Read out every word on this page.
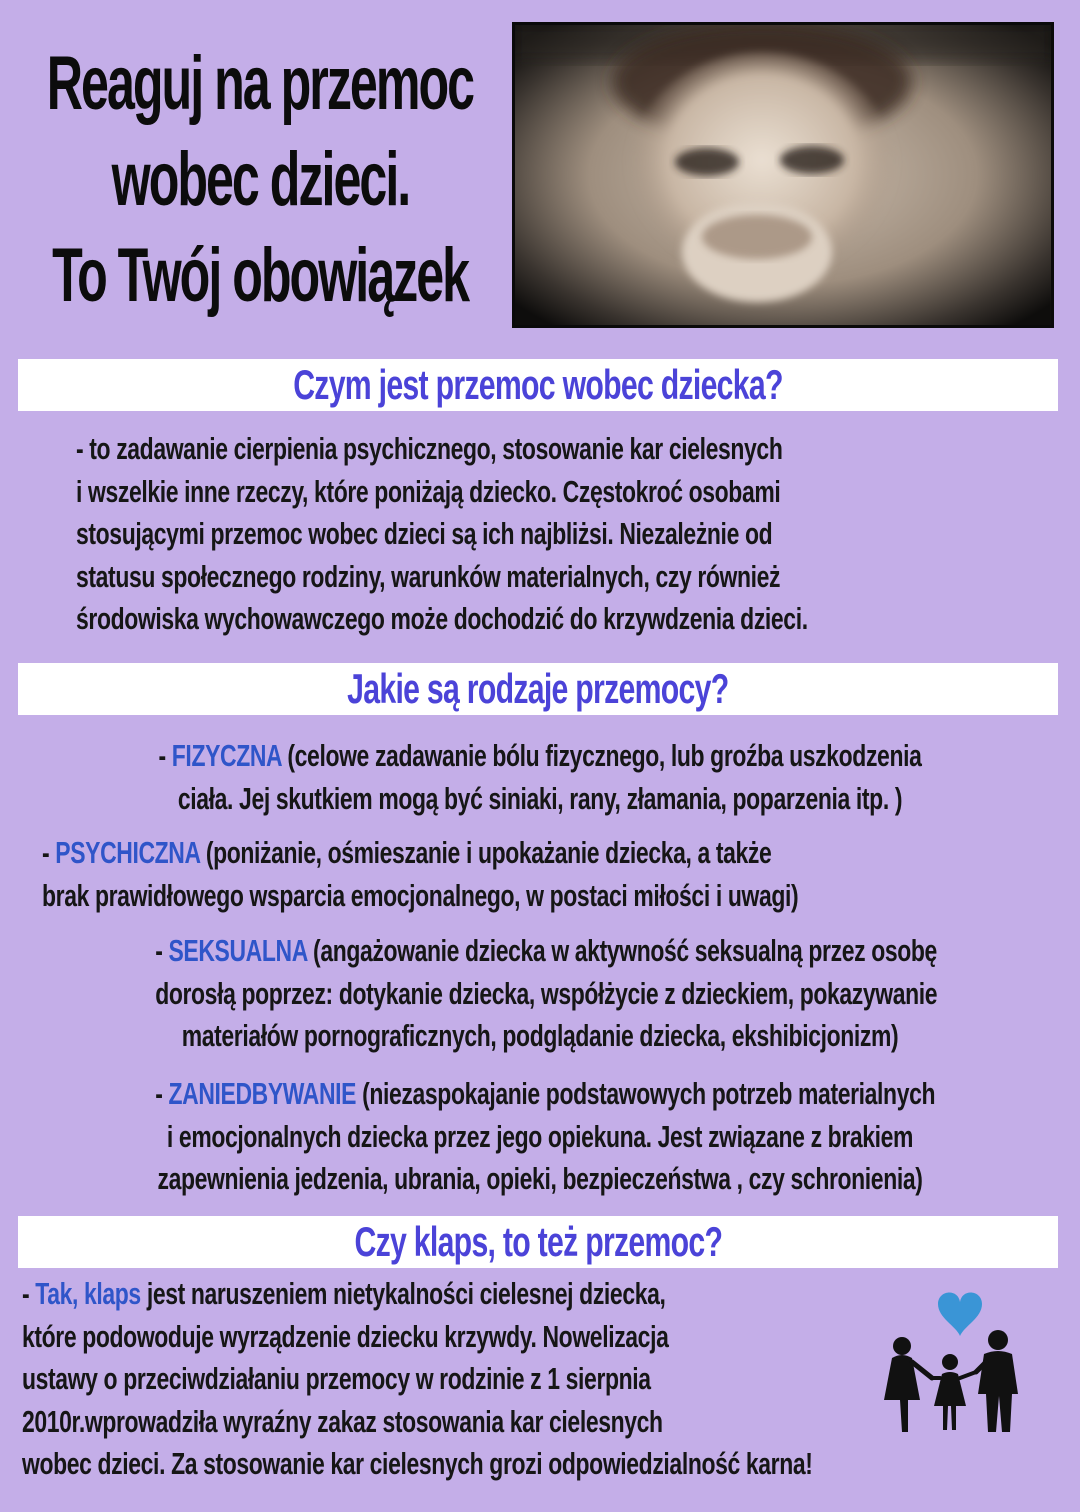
Reaguj na przemoc
wobec dzieci.
To Twój obowiązek
Czym jest przemoc wobec dziecka?
- to zadawanie cierpienia psychicznego, stosowanie kar cielesnych
i wszelkie inne rzeczy, które poniżają dziecko. Częstokroć osobami
stosującymi przemoc wobec dzieci są ich najbliżsi. Niezależnie od
statusu społecznego rodziny, warunków materialnych, czy również
środowiska wychowawczego może dochodzić do krzywdzenia dzieci.
Jakie są rodzaje przemocy?
- FIZYCZNA (celowe zadawanie bólu fizycznego, lub groźba uszkodzenia
ciała. Jej skutkiem mogą być siniaki, rany, złamania, poparzenia itp. )
- PSYCHICZNA (poniżanie, ośmieszanie i upokażanie dziecka, a także
brak prawidłowego wsparcia emocjonalnego, w postaci miłości i uwagi)
- SEKSUALNA (angażowanie dziecka w aktywność seksualną przez osobę
dorosłą poprzez: dotykanie dziecka, współżycie z dzieckiem, pokazywanie
materiałów pornograficznych, podglądanie dziecka, ekshibicjonizm)
- ZANIEDBYWANIE (niezaspokajanie podstawowych potrzeb materialnych
i emocjonalnych dziecka przez jego opiekuna. Jest związane z brakiem
zapewnienia jedzenia, ubrania, opieki, bezpieczeństwa , czy schronienia)
Czy klaps, to też przemoc?
- Tak, klaps jest naruszeniem nietykalności cielesnej dziecka,
które podowoduje wyrządzenie dziecku krzywdy. Nowelizacja
ustawy o przeciwdziałaniu przemocy w rodzinie z 1 sierpnia
2010r.wprowadziła wyraźny zakaz stosowania kar cielesnych
wobec dzieci. Za stosowanie kar cielesnych grozi odpowiedzialność karna!
